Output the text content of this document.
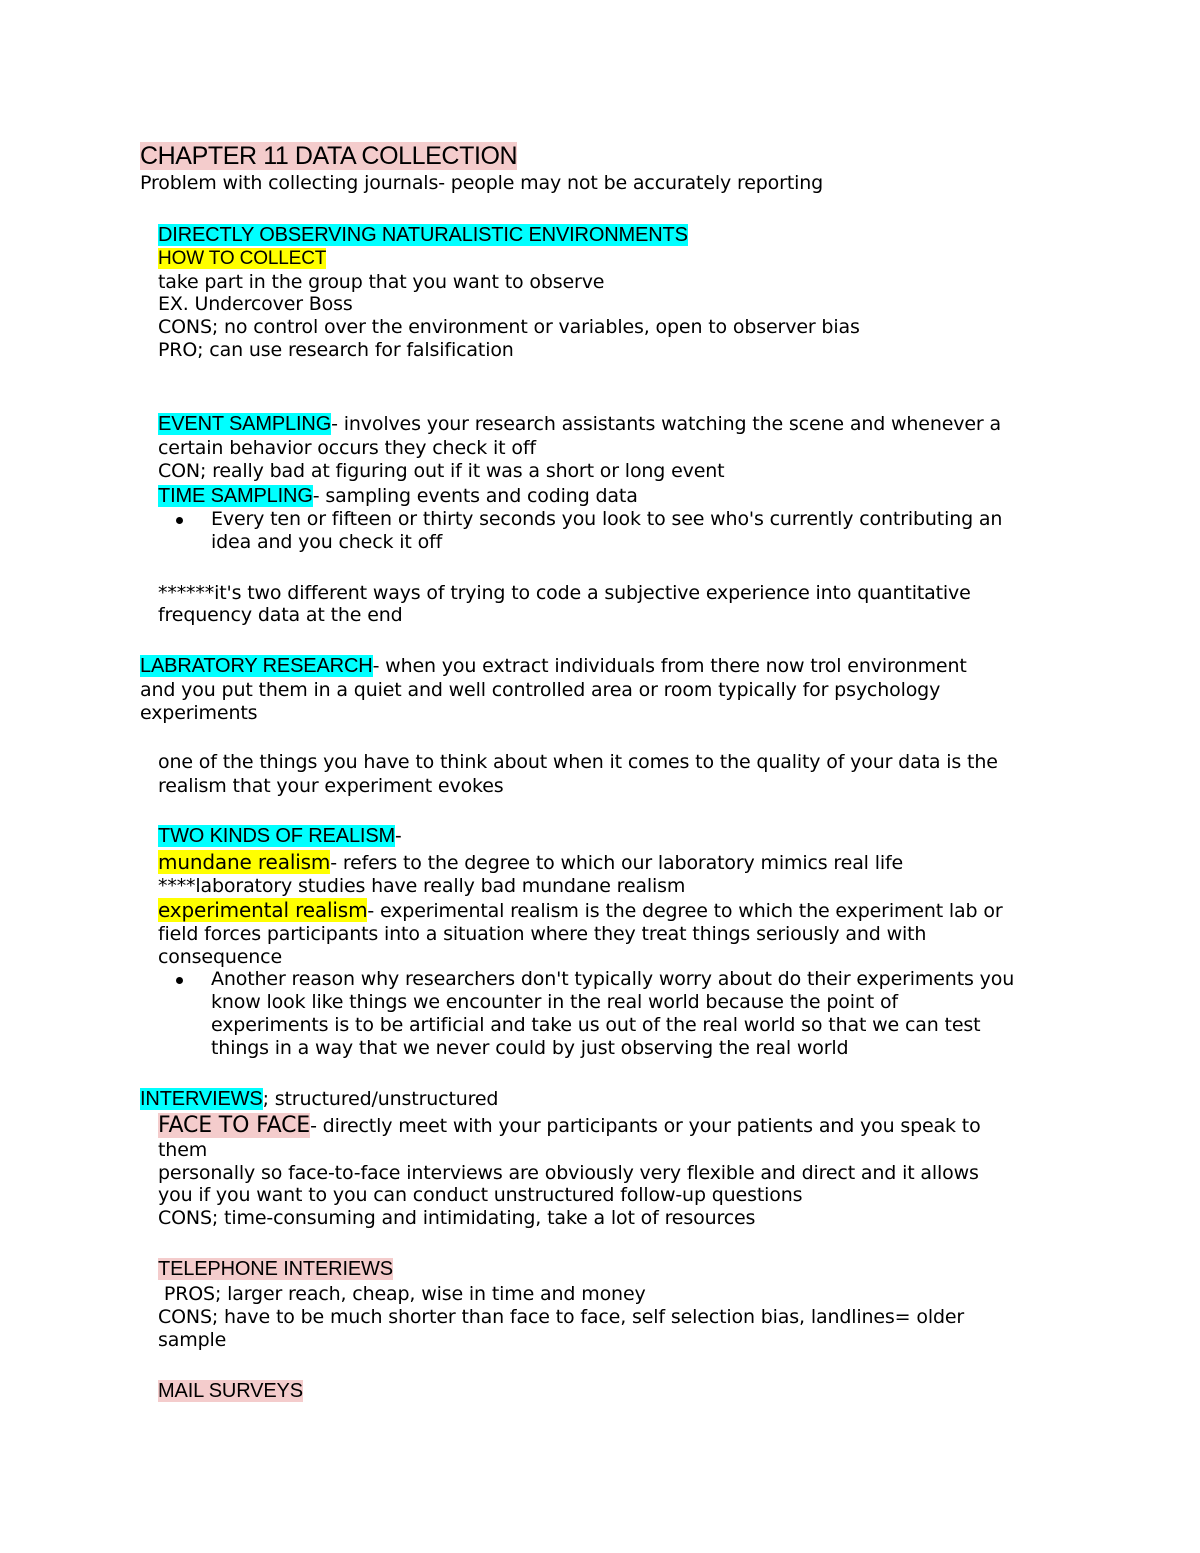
CHAPTER 11 DATA COLLECTION
Problem with collecting journals- people may not be accurately reporting
DIRECTLY OBSERVING NATURALISTIC ENVIRONMENTS
HOW TO COLLECT
take part in the group that you want to observe
EX. Undercover Boss
CONS; no control over the environment or variables, open to observer bias
PRO; can use research for falsification
EVENT SAMPLING- involves your research assistants watching the scene and whenever a
certain behavior occurs they check it off
CON; really bad at figuring out if it was a short or long event
TIME SAMPLING- sampling events and coding data
Every ten or fifteen or thirty seconds you look to see who's currently contributing an
idea and you check it off
******it's two different ways of trying to code a subjective experience into quantitative
frequency data at the end
LABRATORY RESEARCH- when you extract individuals from there now trol environment
and you put them in a quiet and well controlled area or room typically for psychology
experiments
one of the things you have to think about when it comes to the quality of your data is the
realism that your experiment evokes
TWO KINDS OF REALISM-
mundane realism- refers to the degree to which our laboratory mimics real life
****laboratory studies have really bad mundane realism
experimental realism- experimental realism is the degree to which the experiment lab or
field forces participants into a situation where they treat things seriously and with
consequence
Another reason why researchers don't typically worry about do their experiments you
know look like things we encounter in the real world because the point of
experiments is to be artificial and take us out of the real world so that we can test
things in a way that we never could by just observing the real world
INTERVIEWS; structured/unstructured
FACE TO FACE- directly meet with your participants or your patients and you speak to
them
personally so face-to-face interviews are obviously very flexible and direct and it allows
you if you want to you can conduct unstructured follow-up questions
CONS; time-consuming and intimidating, take a lot of resources
TELEPHONE INTERIEWS
PROS; larger reach, cheap, wise in time and money
CONS; have to be much shorter than face to face, self selection bias, landlines= older
sample
MAIL SURVEYS
